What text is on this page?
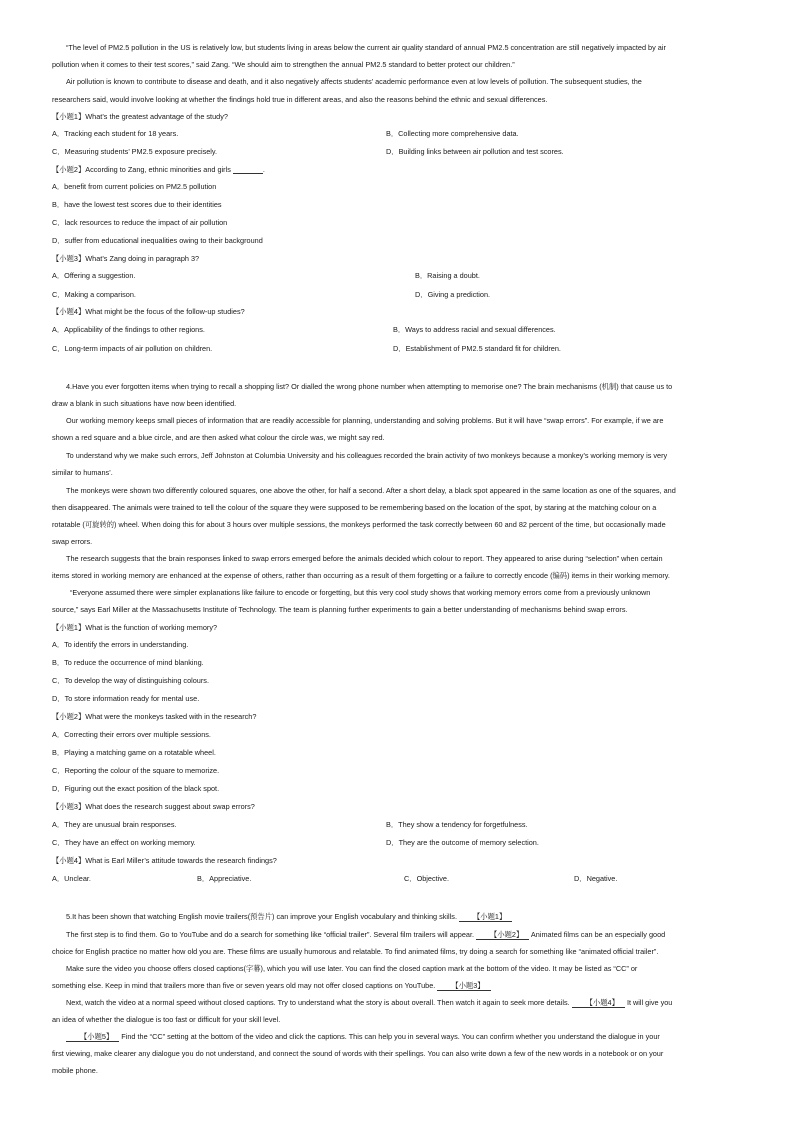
“The level of PM2.5 pollution in the US is relatively low, but students living in areas below the current air quality standard of annual PM2.5 concentration are still negatively impacted by air
pollution when it comes to their test scores,” said Zang. “We should aim to strengthen the annual PM2.5 standard to better protect our children.”
Air pollution is known to contribute to disease and death, and it also negatively affects students’ academic performance even at low levels of pollution. The subsequent studies, the
researchers said, would involve looking at whether the findings hold true in different areas, and also the reasons behind the ethnic and sexual differences.
【小题1】What’s the greatest advantage of the study?
A．Tracking each student for 18 years.	B．Collecting more comprehensive data.
C．Measuring students’ PM2.5 exposure precisely.	D．Building links between air pollution and test scores.
【小题2】According to Zang, ethnic minorities and girls	.
A．benefit from current policies on PM2.5 pollution
B．have the lowest test scores due to their identities
C．lack resources to reduce the impact of air pollution
D．suffer from educational inequalities owing to their background
【小题3】What’s Zang doing in paragraph 3?
A．Offering a suggestion.	B．Raising a doubt.
C．Making a comparison.	D．Giving a prediction.
【小题4】What might be the focus of the follow-up studies?
A．Applicability of the findings to other regions.	B．Ways to address racial and sexual differences.
C．Long-term impacts of air pollution on children.	D．Establishment of PM2.5 standard fit for children.
4.Have you ever forgotten items when trying to recall a shopping list? Or dialled the wrong phone number when attempting to memorise one? The brain mechanisms (机制) that cause us to
draw a blank in such situations have now been identified.
Our working memory keeps small pieces of information that are readily accessible for planning, understanding and solving problems. But it will have “swap errors”. For example, if we are
shown a red square and a blue circle, and are then asked what colour the circle was, we might say red.
To understand why we make such errors, Jeff Johnston at Columbia University and his colleagues recorded the brain activity of two monkeys because a monkey’s working memory is very
similar to humans’.
The monkeys were shown two differently coloured squares, one above the other, for half a second. After a short delay, a black spot appeared in the same location as one of the squares, and
then disappeared. The animals were trained to tell the colour of the square they were supposed to be remembering based on the location of the spot, by staring at the matching colour on a
rotatable (可旋转的) wheel. When doing this for about 3 hours over multiple sessions, the monkeys performed the task correctly between 60 and 82 percent of the time, but occasionally made
swap errors.
The research suggests that the brain responses linked to swap errors emerged before the animals decided which colour to report. They appeared to arise during “selection” when certain
items stored in working memory are enhanced at the expense of others, rather than occurring as a result of them forgetting or a failure to correctly encode (编码) items in their working memory.
“Everyone assumed there were simpler explanations like failure to encode or forgetting, but this very cool study shows that working memory errors come from a previously unknown
source,” says Earl Miller at the Massachusetts Institute of Technology. The team is planning further experiments to gain a better understanding of mechanisms behind swap errors.
【小题1】What is the function of working memory?
A．To identify the errors in understanding.
B．To reduce the occurrence of mind blanking.
C．To develop the way of distinguishing colours.
D．To store information ready for mental use.
【小题2】What were the monkeys tasked with in the research?
A．Correcting their errors over multiple sessions.
B．Playing a matching game on a rotatable wheel.
C．Reporting the colour of the square to memorize.
D．Figuring out the exact position of the black spot.
【小题3】What does the research suggest about swap errors?
A．They are unusual brain responses.	B．They show a tendency for forgetfulness.
C．They have an effect on working memory.	D．They are the outcome of memory selection.
【小题4】What is Earl Miller’s attitude towards the research findings?
A．Unclear.	B．Appreciative.	C．Objective.	D．Negative.
5.It has been shown that watching English movie trailers(预告片) can improve your English vocabulary and thinking skills. 【小题1】
The first step is to find them. Go to YouTube and do a search for something like “official trailer”. Several film trailers will appear. 【小题2】 Animated films can be an especially good
choice for English practice no matter how old you are. These films are usually humorous and relatable. To find animated films, try doing a search for something like “animated official trailer”.
Make sure the video you choose offers closed captions(字幕), which you will use later. You can find the closed caption mark at the bottom of the video. It may be listed as “CC” or
something else. Keep in mind that trailers more than five or seven years old may not offer closed captions on YouTube. 【小题3】
Next, watch the video at a normal speed without closed captions. Try to understand what the story is about overall. Then watch it again to seek more details. 【小题4】 It will give you
an idea of whether the dialogue is too fast or difficult for your skill level.
【小题5】 Find the “CC” setting at the bottom of the video and click the captions. This can help you in several ways. You can confirm whether you understand the dialogue in your
first viewing, make clearer any dialogue you do not understand, and connect the sound of words with their spellings. You can also write down a few of the new words in a notebook or on your
mobile phone.
